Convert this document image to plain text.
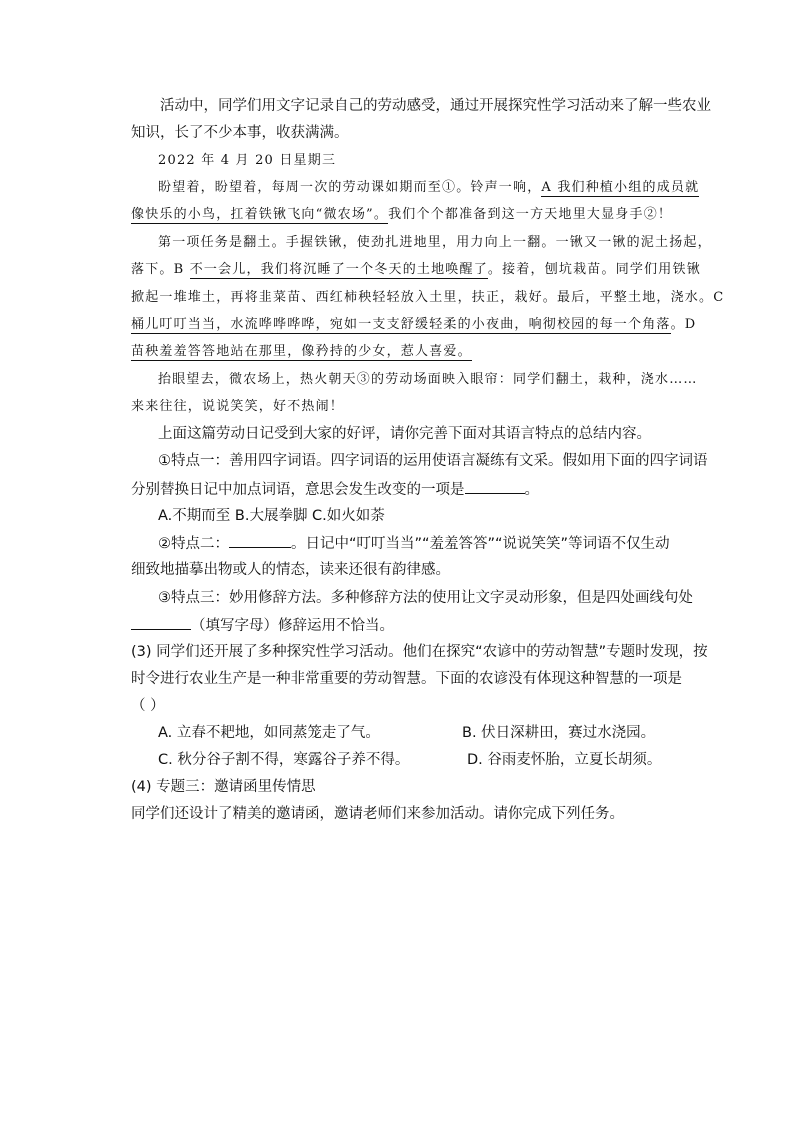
活动中，同学们用文字记录自己的劳动感受，通过开展探究性学习活动来了解一些农业
知识，长了不少本事，收获满满。
2022 年 4 月 20 日星期三
盼望着，盼望着，每周一次的劳动课如期而至①。铃声一响，A 我们种植小组的成员就
像快乐的小鸟，扛着铁锹飞向“微农场”。我们个个都准备到这一方天地里大显身手②！
第一项任务是翻土。手握铁锹，使劲扎进地里，用力向上一翻。一锹又一锹的泥土扬起，
落下。B 不一会儿，我们将沉睡了一个冬天的土地唤醒了。接着，刨坑栽苗。同学们用铁锹
掀起一堆堆土，再将韭菜苗、西红柿秧轻轻放入土里，扶正，栽好。最后，平整土地，浇水。C
桶儿叮叮当当，水流哗哗哗哗，宛如一支支舒缓轻柔的小夜曲，响彻校园的每一个角落。D
苗秧羞羞答答地站在那里，像矜持的少女，惹人喜爱。
抬眼望去，微农场上，热火朝天③的劳动场面映入眼帘：同学们翻土，栽种，浇水……
来来往往，说说笑笑，好不热闹！
上面这篇劳动日记受到大家的好评，请你完善下面对其语言特点的总结内容。
①特点一：善用四字词语。四字词语的运用使语言凝练有文采。假如用下面的四字词语
分别替换日记中加点词语，意思会发生改变的一项是	。
A.不期而至 B.大展拳脚 C.如火如荼
②特点二：	。日记中“叮叮当当”“羞羞答答”“说说笑笑”等词语不仅生动
细致地描摹出物或人的情态，读来还很有韵律感。
③特点三：妙用修辞方法。多种修辞方法的使用让文字灵动形象，但是四处画线句处
（填写字母）修辞运用不恰当。
(3) 同学们还开展了多种探究性学习活动。他们在探究“农谚中的劳动智慧”专题时发现，按
时令进行农业生产是一种非常重要的劳动智慧。下面的农谚没有体现这种智慧的一项是
（ ）
A. 立春不耙地，如同蒸笼走了气。	B. 伏日深耕田，赛过水浇园。
C. 秋分谷子割不得，寒露谷子养不得。	D. 谷雨麦怀胎，立夏长胡须。
(4) 专题三：邀请函里传情思
同学们还设计了精美的邀请函，邀请老师们来参加活动。请你完成下列任务。
